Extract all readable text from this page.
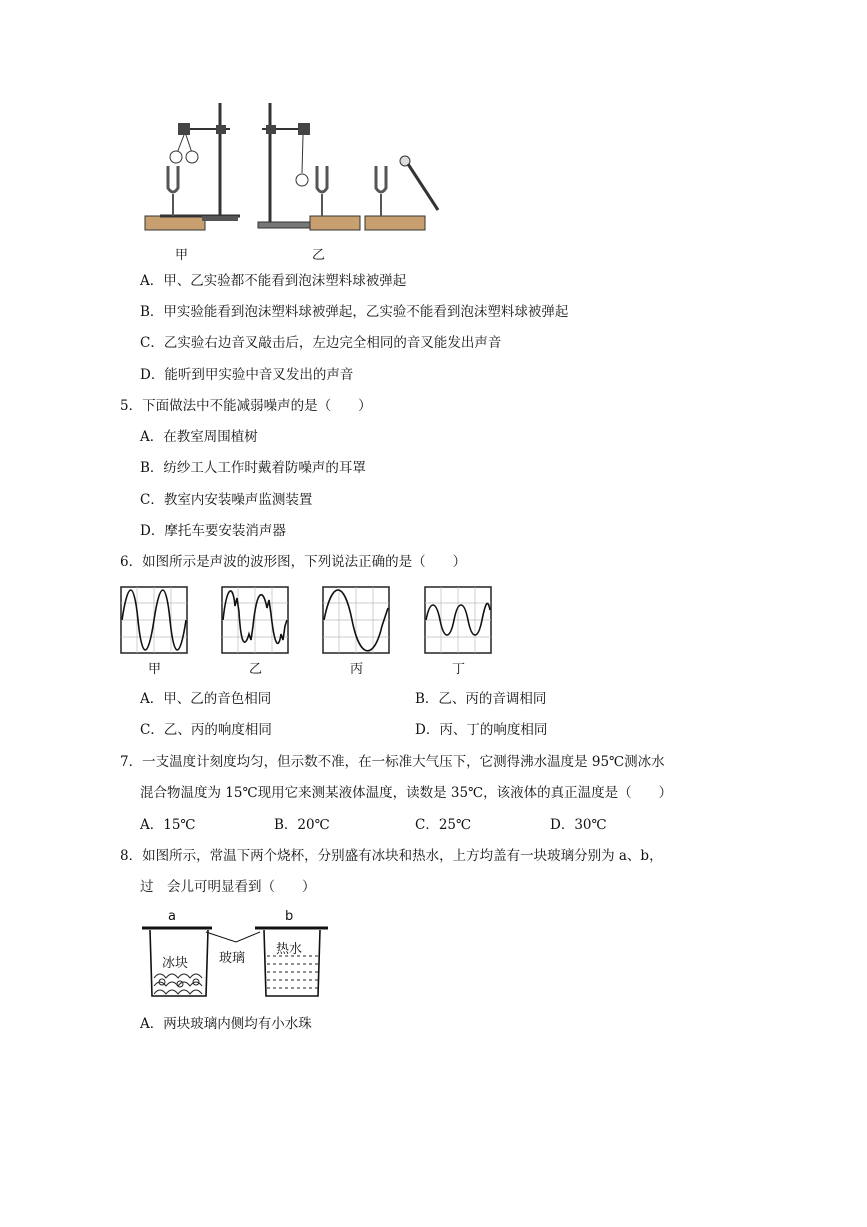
甲	乙
A．甲、乙实验都不能看到泡沫塑料球被弹起
B．甲实验能看到泡沫塑料球被弹起，乙实验不能看到泡沫塑料球被弹起
C．乙实验右边音叉敲击后，左边完全相同的音叉能发出声音
D．能听到甲实验中音叉发出的声音
5．下面做法中不能减弱噪声的是（　　）
A．在教室周围植树
B．纺纱工人工作时戴着防噪声的耳罩
C．教室内安装噪声监测装置
D．摩托车要安装消声器
6．如图所示是声波的波形图，下列说法正确的是（　　）
甲	乙	丙	丁
A．甲、乙的音色相同	B．乙、丙的音调相同
C．乙、丙的响度相同	D．丙、丁的响度相同
7．一支温度计刻度均匀，但示数不准，在一标准大气压下，它测得沸水温度是 95℃测冰水
混合物温度为 15℃现用它来测某液体温度，读数是 35℃，该液体的真正温度是（　　）
A．15℃	B．20℃	C．25℃	D．30℃
8．如图所示，常温下两个烧杯，分别盛有冰块和热水，上方均盖有一块玻璃分别为 a、b，
过　会儿可明显看到（　　）
a	b
玻璃
冰块
热水
A．两块玻璃内侧均有小水珠
